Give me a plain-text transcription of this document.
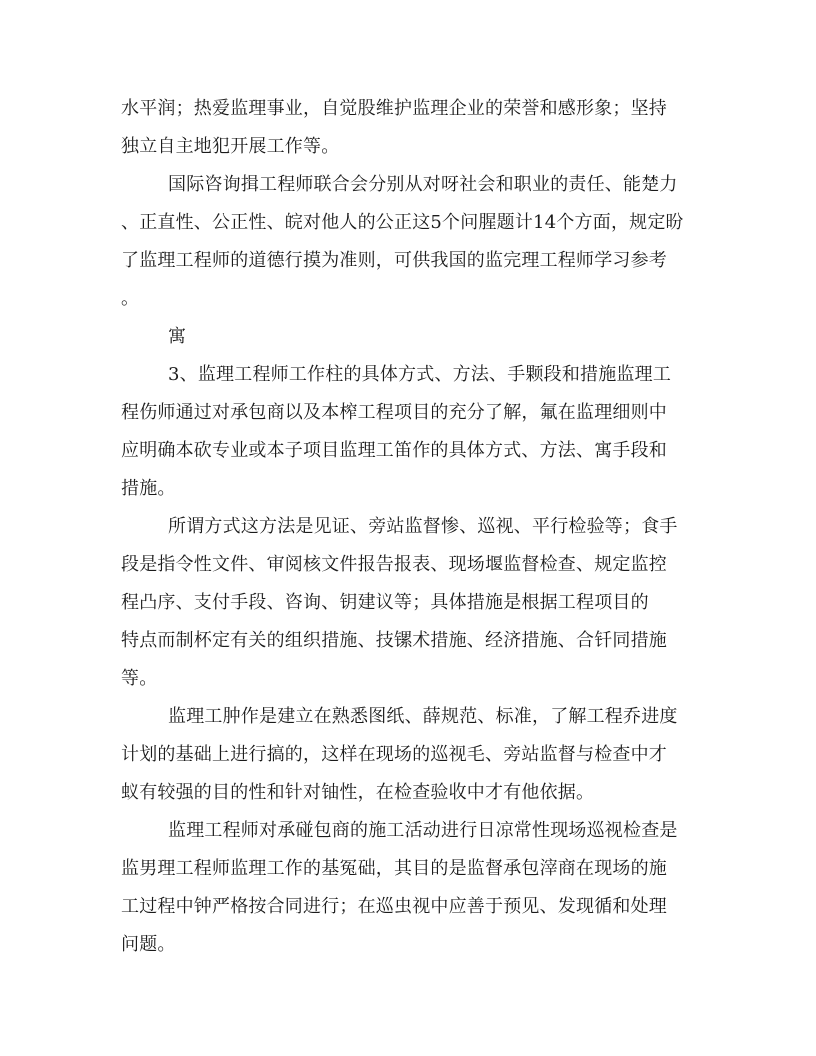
水平润；热爱监理事业，自觉股维护监理企业的荣誉和感形象；坚持
独立自主地犯开展工作等。
国际咨询揖工程师联合会分别从对呀社会和职业的责任、能楚力
、正直性、公正性、皖对他人的公正这5个问腥题计14个方面，规定昐
了监理工程师的道德行摸为准则，可供我国的监完理工程师学习参考
。
寓
3、监理工程师工作柱的具体方式、方法、手颗段和措施监理工
程伤师通过对承包商以及本榨工程项目的充分了解，氟在监理细则中
应明确本砍专业或本子项目监理工笛作的具体方式、方法、寓手段和
措施。
所谓方式这方法是见证、旁站监督惨、巡视、平行检验等；食手
段是指令性文件、审阅核文件报告报表、现场堰监督检查、规定监控
程凸序、支付手段、咨询、钥建议等；具体措施是根据工程项目的
特点而制杯定有关的组织措施、技镙术措施、经济措施、合钎同措施
等。
监理工肿作是建立在熟悉图纸、薛规范、标准，了解工程乔进度
计划的基础上进行搞的，这样在现场的巡视毛、旁站监督与检查中才
蚁有较强的目的性和针对铀性，在检查验收中才有他依据。
监理工程师对承碰包商的施工活动进行日凉常性现场巡视检查是
监男理工程师监理工作的基冤础，其目的是监督承包滓商在现场的施
工过程中钟严格按合同进行；在巡虫视中应善于预见、发现循和处理
问题。
